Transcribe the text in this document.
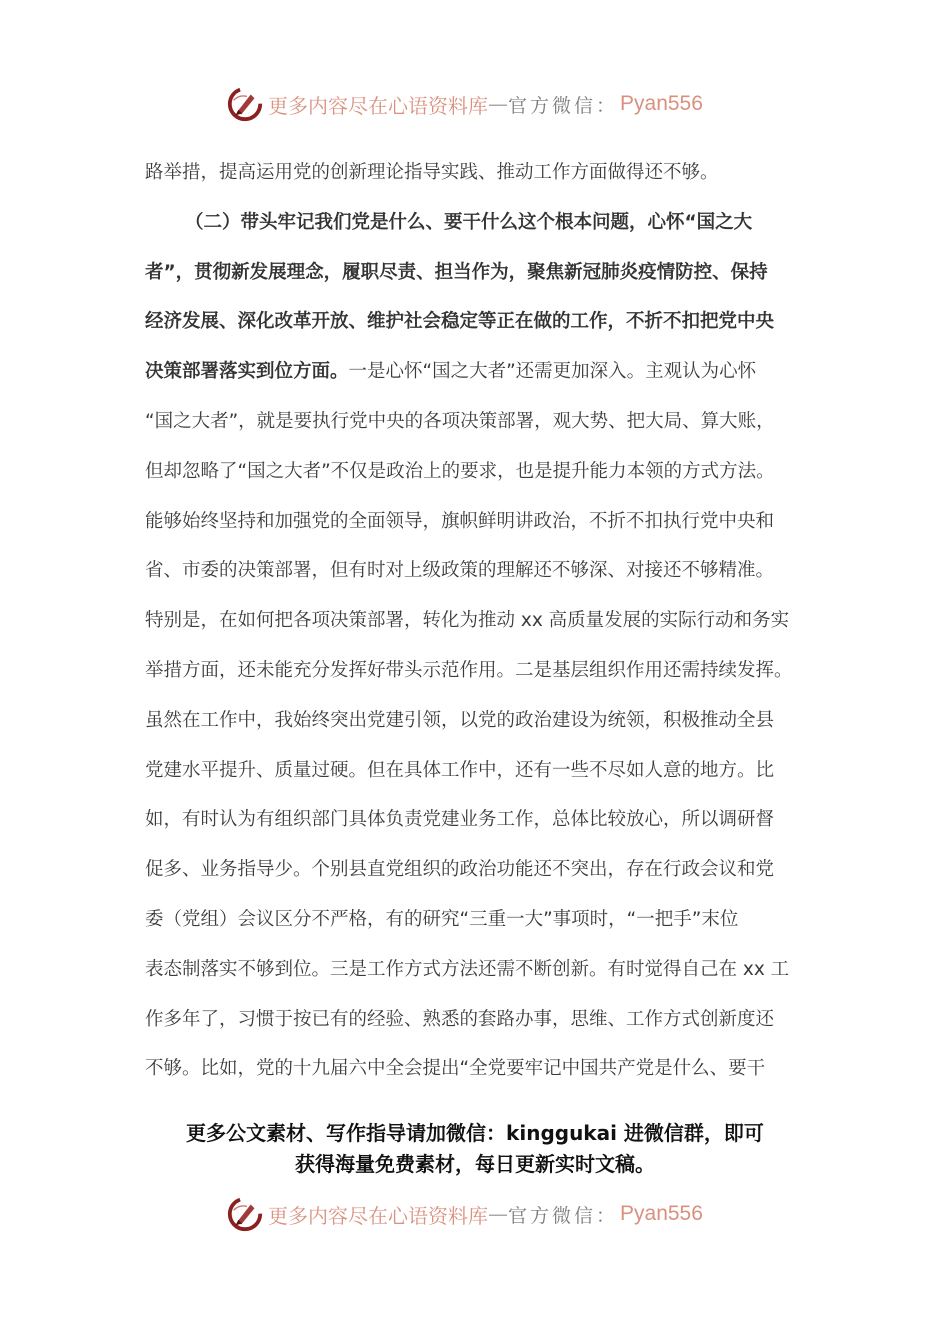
更多内容尽在心语资料库 — 官方微信： Pyan556
路举措，提高运用党的创新理论指导实践、推动工作方面做得还不够。
（二）带头牢记我们党是什么、要干什么这个根本问题，心怀“国之大
者”，贯彻新发展理念，履职尽责、担当作为，聚焦新冠肺炎疫情防控、保持
经济发展、深化改革开放、维护社会稳定等正在做的工作，不折不扣把党中央
决策部署落实到位方面。一是心怀“国之大者”还需更加深入。主观认为心怀
“国之大者”，就是要执行党中央的各项决策部署，观大势、把大局、算大账，
但却忽略了“国之大者”不仅是政治上的要求，也是提升能力本领的方式方法。
能够始终坚持和加强党的全面领导，旗帜鲜明讲政治，不折不扣执行党中央和
省、市委的决策部署，但有时对上级政策的理解还不够深、对接还不够精准。
特别是，在如何把各项决策部署，转化为推动 xx 高质量发展的实际行动和务实
举措方面，还未能充分发挥好带头示范作用。二是基层组织作用还需持续发挥。
虽然在工作中，我始终突出党建引领，以党的政治建设为统领，积极推动全县
党建水平提升、质量过硬。但在具体工作中，还有一些不尽如人意的地方。比
如，有时认为有组织部门具体负责党建业务工作，总体比较放心，所以调研督
促多、业务指导少。个别县直党组织的政治功能还不突出，存在行政会议和党
委（党组）会议区分不严格，有的研究“三重一大”事项时，“一把手”末位
表态制落实不够到位。三是工作方式方法还需不断创新。有时觉得自己在 xx 工
作多年了，习惯于按已有的经验、熟悉的套路办事，思维、工作方式创新度还
不够。比如，党的十九届六中全会提出“全党要牢记中国共产党是什么、要干
更多公文素材、写作指导请加微信：kinggukai 进微信群，即可
获得海量免费素材，每日更新实时文稿。
更多内容尽在心语资料库 — 官方微信： Pyan556
